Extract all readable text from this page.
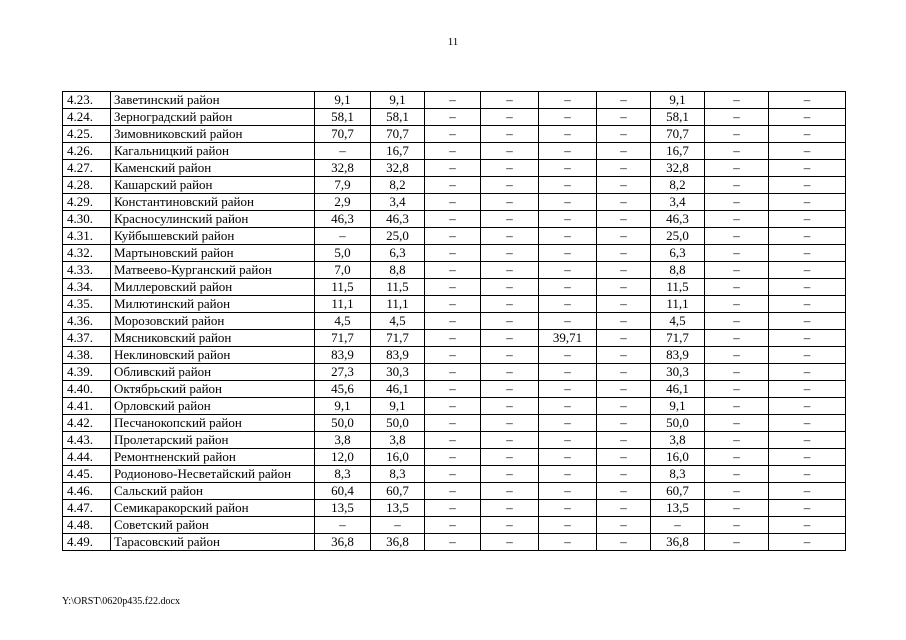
11
4.23.	Заветинский район	9,1	9,1	–	–	–	–	9,1	–	–
4.24.	Зерноградский район	58,1	58,1	–	–	–	–	58,1	–	–
4.25.	Зимовниковский район	70,7	70,7	–	–	–	–	70,7	–	–
4.26.	Кагальницкий район	–	16,7	–	–	–	–	16,7	–	–
4.27.	Каменский район	32,8	32,8	–	–	–	–	32,8	–	–
4.28.	Кашарский район	7,9	8,2	–	–	–	–	8,2	–	–
4.29.	Константиновский район	2,9	3,4	–	–	–	–	3,4	–	–
4.30.	Красносулинский район	46,3	46,3	–	–	–	–	46,3	–	–
4.31.	Куйбышевский район	–	25,0	–	–	–	–	25,0	–	–
4.32.	Мартыновский район	5,0	6,3	–	–	–	–	6,3	–	–
4.33.	Матвеево-Курганский район	7,0	8,8	–	–	–	–	8,8	–	–
4.34.	Миллеровский район	11,5	11,5	–	–	–	–	11,5	–	–
4.35.	Милютинский район	11,1	11,1	–	–	–	–	11,1	–	–
4.36.	Морозовский район	4,5	4,5	–	–	–	–	4,5	–	–
4.37.	Мясниковский район	71,7	71,7	–	–	39,71	–	71,7	–	–
4.38.	Неклиновский район	83,9	83,9	–	–	–	–	83,9	–	–
4.39.	Обливский район	27,3	30,3	–	–	–	–	30,3	–	–
4.40.	Октябрьский район	45,6	46,1	–	–	–	–	46,1	–	–
4.41.	Орловский район	9,1	9,1	–	–	–	–	9,1	–	–
4.42.	Песчанокопский район	50,0	50,0	–	–	–	–	50,0	–	–
4.43.	Пролетарский район	3,8	3,8	–	–	–	–	3,8	–	–
4.44.	Ремонтненский район	12,0	16,0	–	–	–	–	16,0	–	–
4.45.	Родионово-Несветайский район	8,3	8,3	–	–	–	–	8,3	–	–
4.46.	Сальский район	60,4	60,7	–	–	–	–	60,7	–	–
4.47.	Семикаракорский район	13,5	13,5	–	–	–	–	13,5	–	–
4.48.	Советский район	–	–	–	–	–	–	–	–	–
4.49.	Тарасовский район	36,8	36,8	–	–	–	–	36,8	–	–
Y:\ORST\0620p435.f22.docx
